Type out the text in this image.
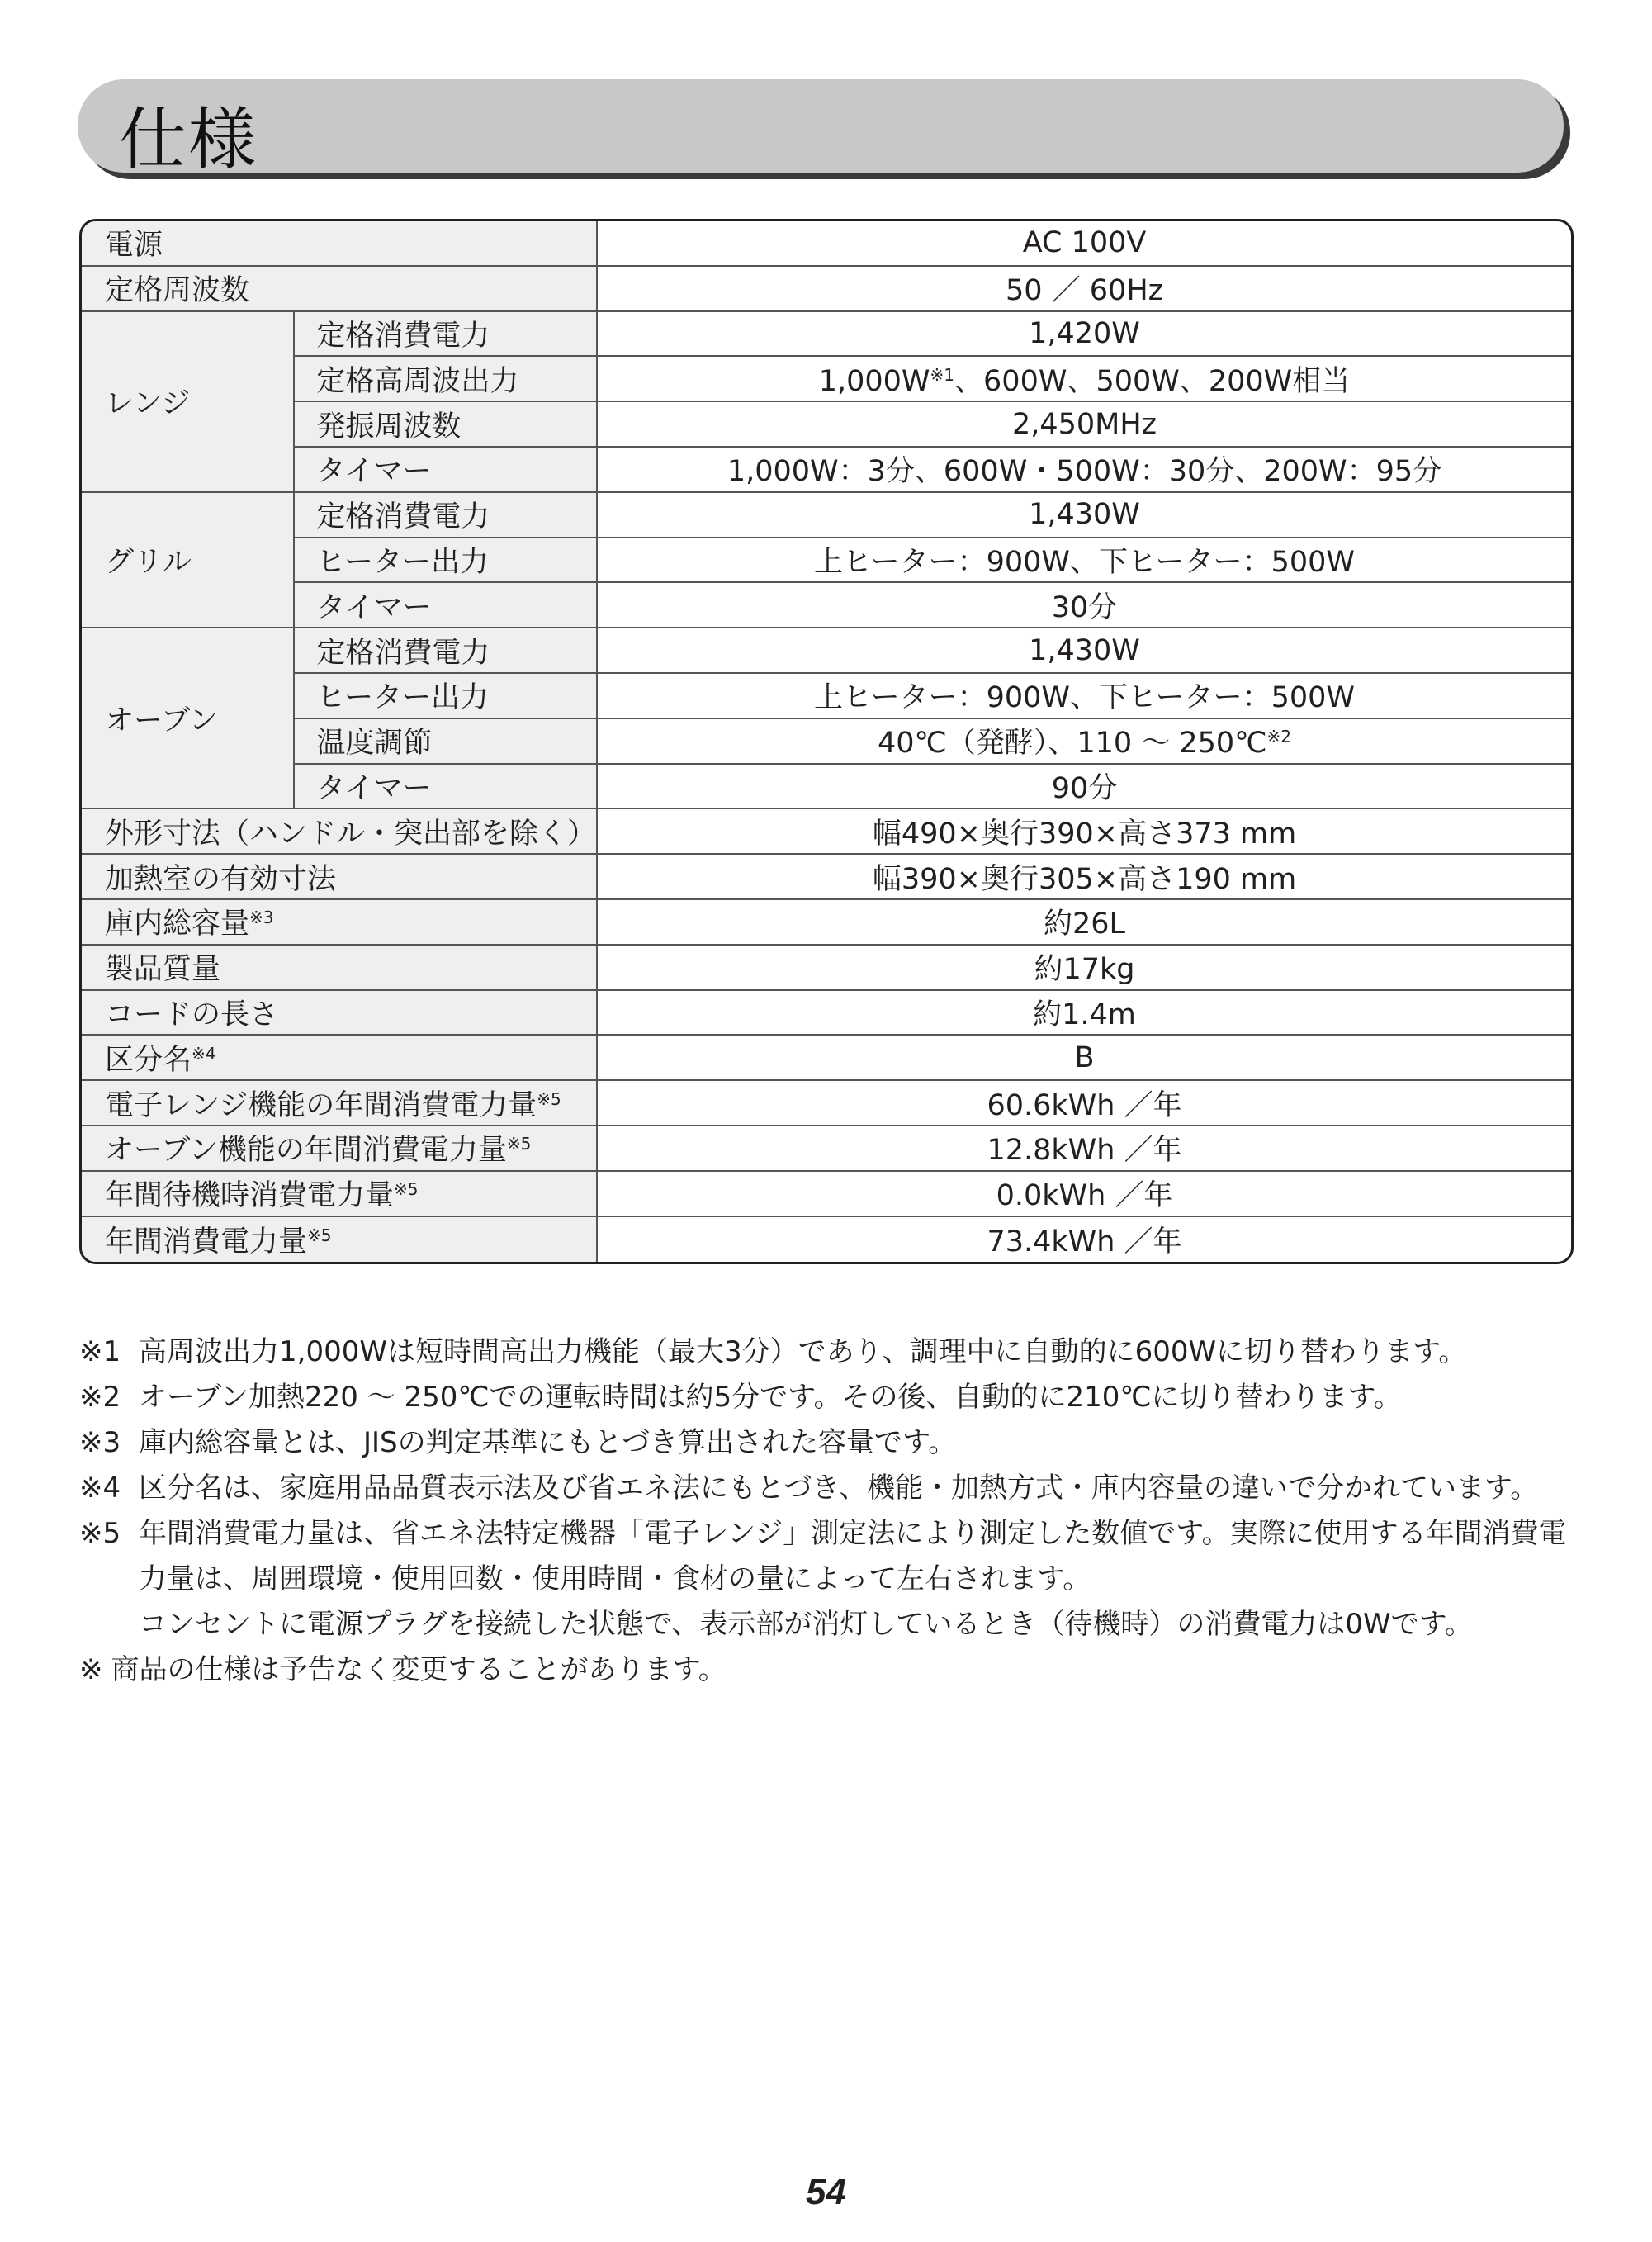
仕様
電源		AC 100V
定格周波数		50 ／ 60Hz
レンジ	定格消費電力	1,420W
	定格高周波出力	$1,000W^{※1}$、600W、500W、200W相当
	発振周波数	2,450MHz
	タイマー	1,000W：3分、600W・500W：30分、200W：95分
グリル	定格消費電力	1,430W
	ヒーター出力	上ヒーター：900W、下ヒーター：500W
	タイマー	30分
オーブン	定格消費電力	1,430W
	ヒーター出力	上ヒーター：900W、下ヒーター：500W
	温度調節	40℃（発酵）、110 ～ 250℃$^{※2}$
	タイマー	90分
外形寸法（ハンドル・突出部を除く）		幅490×奥行390×高さ373 mm
加熱室の有効寸法		幅390×奥行305×高さ190 mm
庫内総容量$^{※3}$		約26L
製品質量		約17kg
コードの長さ		約1.4m
区分名$^{※4}$		B
電子レンジ機能の年間消費電力量$^{※5}$		60.6kWh ／年
オーブン機能の年間消費電力量$^{※5}$		12.8kWh ／年
年間待機時消費電力量$^{※5}$		0.0kWh ／年
年間消費電力量$^{※5}$		73.4kWh ／年
※1 高周波出力1,000Wは短時間高出力機能（最大3分）であり、調理中に自動的に600Wに切り替わります。
※2 オーブン加熱220 ～ 250℃での運転時間は約5分です。その後、自動的に210℃に切り替わります。
※3 庫内総容量とは、JISの判定基準にもとづき算出された容量です。
※4 区分名は、家庭用品品質表示法及び省エネ法にもとづき、機能・加熱方式・庫内容量の違いで分かれています。
※5 年間消費電力量は、省エネ法特定機器「電子レンジ」測定法により測定した数値です。実際に使用する年間消費電
力量は、周囲環境・使用回数・使用時間・食材の量によって左右されます。
コンセントに電源プラグを接続した状態で、表示部が消灯しているとき（待機時）の消費電力は0Wです。
※ 商品の仕様は予告なく変更することがあります。
54
